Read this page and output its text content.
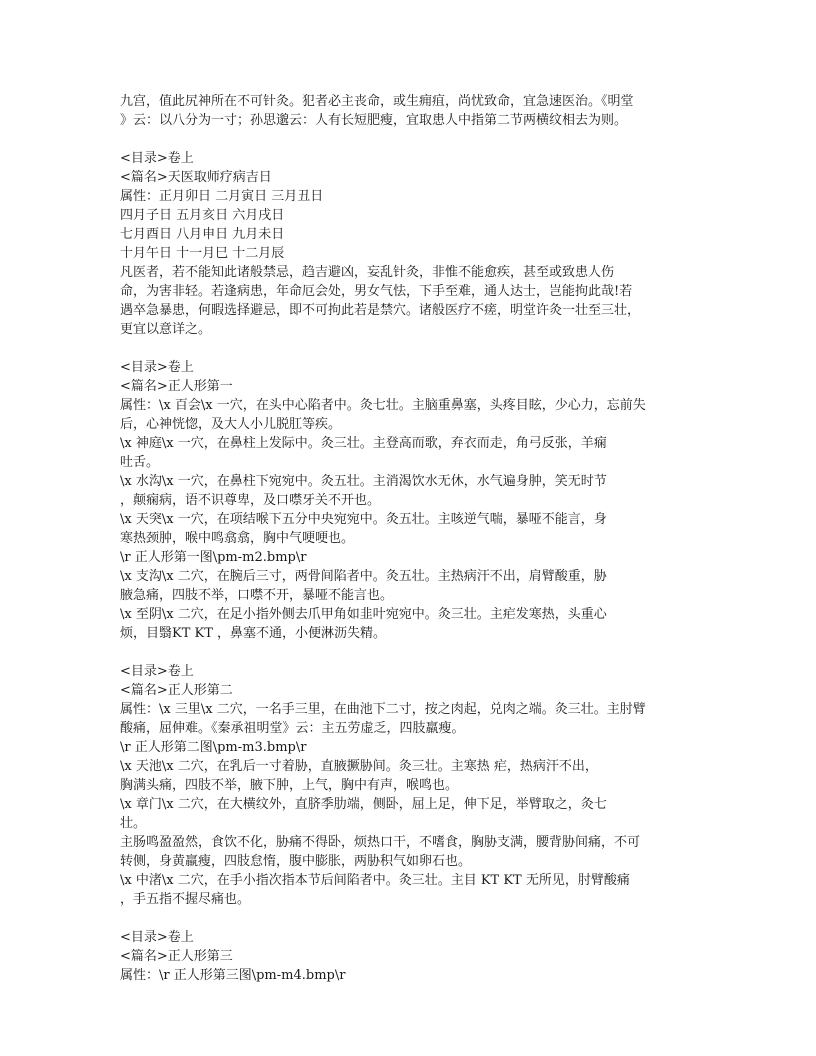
九宫，值此尻神所在不可针灸。犯者必主丧命，或生痈疽，尚忧致命，宜急速医治。《明堂
》云：以八分为一寸；孙思邈云：人有长短肥瘦，宜取患人中指第二节两横纹相去为则。
<目录>卷上
<篇名>天医取师疗病吉日
属性：正月卯日 二月寅日 三月丑日
四月子日 五月亥日 六月戌日
七月酉日 八月申日 九月未日
十月午日 十一月巳 十二月辰
凡医者，若不能知此诸般禁忌，趋吉避凶，妄乱针灸，非惟不能愈疾，甚至或致患人伤
命，为害非轻。若逢病患，年命厄会处，男女气怯，下手至难，通人达士，岂能拘此哉!若
遇卒急暴患，何暇选择避忌，即不可拘此若是禁穴。诸般医疗不瘥，明堂许灸一壮至三壮，
更宜以意详之。
<目录>卷上
<篇名>正人形第一
属性：\x 百会\x 一穴，在头中心陷者中。灸七壮。主脑重鼻塞，头疼目眩，少心力，忘前失
后，心神恍惚，及大人小儿脱肛等疾。
\x 神庭\x 一穴，在鼻柱上发际中。灸三壮。主登高而歌，弃衣而走，角弓反张，羊痫
吐舌。
\x 水沟\x 一穴，在鼻柱下宛宛中。灸五壮。主消渴饮水无休，水气遍身肿，笑无时节
，颠痫病，语不识尊卑，及口噤牙关不开也。
\x 天突\x 一穴，在项结喉下五分中央宛宛中。灸五壮。主咳逆气喘，暴哑不能言，身
寒热颈肿，喉中鸣翕翕，胸中气哽哽也。
\r 正人形第一图\pm-m2.bmp\r
\x 支沟\x 二穴，在腕后三寸，两骨间陷者中。灸五壮。主热病汗不出，肩臂酸重，胁
腋急痛，四肢不举，口噤不开，暴哑不能言也。
\x 至阴\x 二穴，在足小指外侧去爪甲角如韭叶宛宛中。灸三壮。主疟发寒热，头重心
烦，目翳KT KT ，鼻塞不通，小便淋沥失精。
<目录>卷上
<篇名>正人形第二
属性：\x 三里\x 二穴，一名手三里，在曲池下二寸，按之肉起，兑肉之端。灸三壮。主肘臂
酸痛，屈伸难。《秦承祖明堂》云：主五劳虚乏，四肢羸瘦。
\r 正人形第二图\pm-m3.bmp\r
\x 天池\x 二穴，在乳后一寸着胁，直腋撅胁间。灸三壮。主寒热 疟，热病汗不出，
胸满头痛，四肢不举，腋下肿，上气，胸中有声，喉鸣也。
\x 章门\x 二穴，在大横纹外，直脐季肋端，侧卧，屈上足，伸下足，举臂取之，灸七
壮。
主肠鸣盈盈然，食饮不化，胁痛不得卧，烦热口干，不嗜食，胸胁支满，腰背胁间痛，不可
转侧，身黄羸瘦，四肢怠惰，腹中膨胀，两胁积气如卵石也。
\x 中渚\x 二穴，在手小指次指本节后间陷者中。灸三壮。主目 KT KT 无所见，肘臂酸痛
，手五指不握尽痛也。
<目录>卷上
<篇名>正人形第三
属性：\r 正人形第三图\pm-m4.bmp\r
